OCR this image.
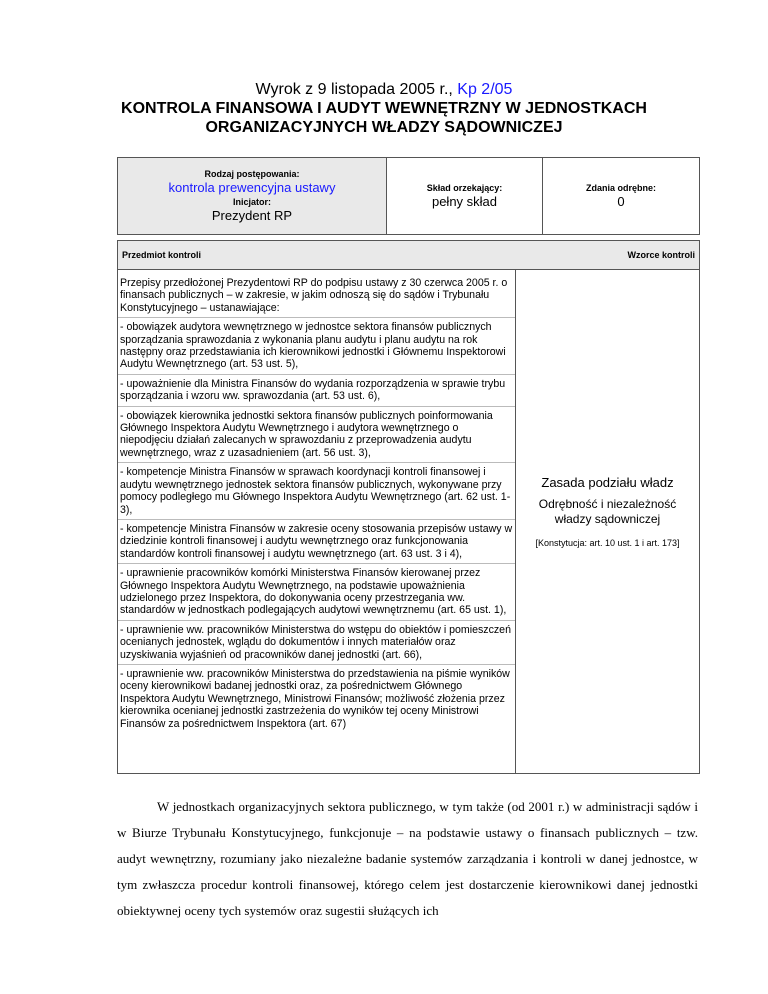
Wyrok z 9 listopada 2005 r., Kp 2/05
KONTROLA FINANSOWA I AUDYT WEWNĘTRZNY W JEDNOSTKACH
ORGANIZACYJNYCH WŁADZY SĄDOWNICZEJ
Rodzaj postępowania:
kontrola prewencyjna ustawy
Inicjator:
Prezydent RP
Skład orzekający:
pełny skład
Zdania odrębne:
0
Przedmiot kontroli	Wzorce kontroli
Przepisy przedłożonej Prezydentowi RP do podpisu ustawy z 30 czerwca 2005 r. o finansach publicznych – w zakresie, w jakim odnoszą się do sądów i Trybunału Konstytucyjnego – ustanawiające:
- obowiązek audytora wewnętrznego w jednostce sektora finansów publicznych sporządzania sprawozdania z wykonania planu audytu i planu audytu na rok następny oraz przedstawiania ich kierownikowi jednostki i Głównemu Inspektorowi Audytu Wewnętrznego (art. 53 ust. 5),
- upoważnienie dla Ministra Finansów do wydania rozporządzenia w sprawie trybu sporządzania i wzoru ww. sprawozdania (art. 53 ust. 6),
- obowiązek kierownika jednostki sektora finansów publicznych poinformowania Głównego Inspektora Audytu Wewnętrznego i audytora wewnętrznego o niepodjęciu działań zalecanych w sprawozdaniu z przeprowadzenia audytu wewnętrznego, wraz z uzasadnieniem (art. 56 ust. 3),
- kompetencje Ministra Finansów w sprawach koordynacji kontroli finansowej i audytu wewnętrznego jednostek sektora finansów publicznych, wykonywane przy pomocy podległego mu Głównego Inspektora Audytu Wewnętrznego (art. 62 ust. 1-3),
- kompetencje Ministra Finansów w zakresie oceny stosowania przepisów ustawy w dziedzinie kontroli finansowej i audytu wewnętrznego oraz funkcjonowania standardów kontroli finansowej i audytu wewnętrznego (art. 63 ust. 3 i 4),
- uprawnienie pracowników komórki Ministerstwa Finansów kierowanej przez Głównego Inspektora Audytu Wewnętrznego, na podstawie upoważnienia udzielonego przez Inspektora, do dokonywania oceny przestrzegania ww. standardów w jednostkach podlegających audytowi wewnętrznemu (art. 65 ust. 1),
- uprawnienie ww. pracowników Ministerstwa do wstępu do obiektów i pomieszczeń ocenianych jednostek, wglądu do dokumentów i innych materiałów oraz uzyskiwania wyjaśnień od pracowników danej jednostki (art. 66),
- uprawnienie ww. pracowników Ministerstwa do przedstawienia na piśmie wyników oceny kierownikowi badanej jednostki oraz, za pośrednictwem Głównego Inspektora Audytu Wewnętrznego, Ministrowi Finansów; możliwość złożenia przez kierownika ocenianej jednostki zastrzeżenia do wyników tej oceny Ministrowi Finansów za pośrednictwem Inspektora (art. 67)
Zasada podziału władz
Odrębność i niezależność władzy sądowniczej
[Konstytucja: art. 10 ust. 1 i art. 173]
W jednostkach organizacyjnych sektora publicznego, w tym także (od 2001 r.) w administracji sądów i w Biurze Trybunału Konstytucyjnego, funkcjonuje – na podstawie ustawy o finansach publicznych – tzw. audyt wewnętrzny, rozumiany jako niezależne badanie systemów zarządzania i kontroli w danej jednostce, w tym zwłaszcza procedur kontroli finansowej, którego celem jest dostarczenie kierownikowi danej jednostki obiektywnej oceny tych systemów oraz sugestii służących ich
